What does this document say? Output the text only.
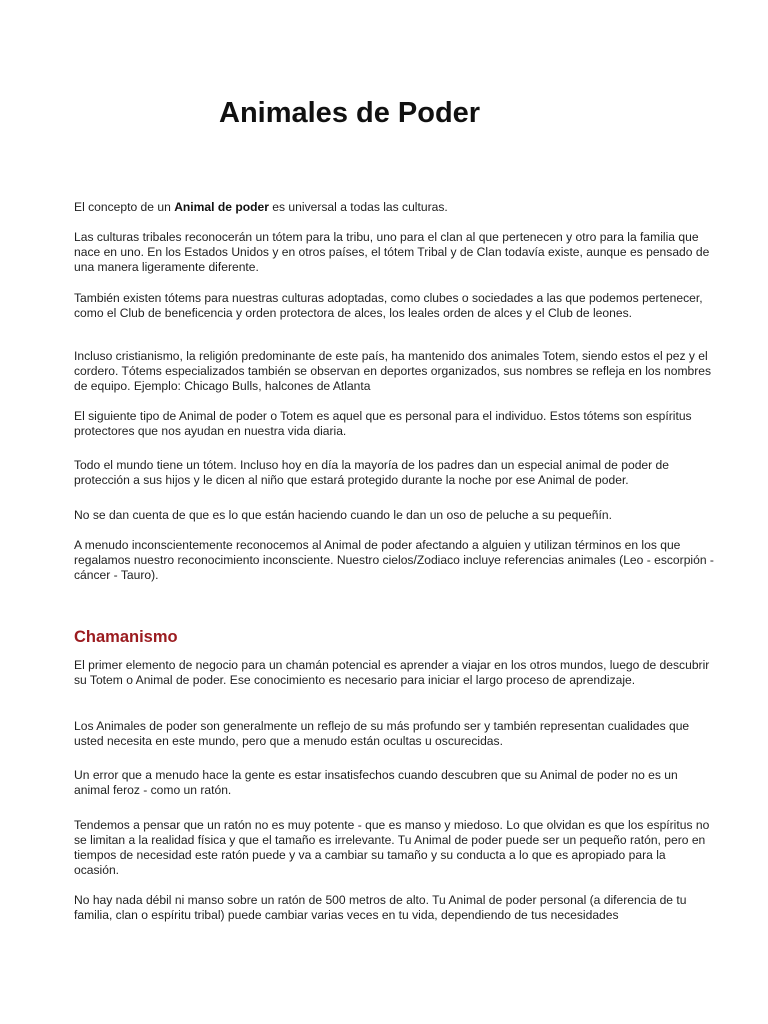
Animales de Poder

El concepto de un Animal de poder es universal a todas las culturas.

Las culturas tribales reconocerán un tótem para la tribu, uno para el clan al que pertenecen y otro para la familia que nace en uno. En los Estados Unidos y en otros países, el tótem Tribal y de Clan todavía existe, aunque es pensado de una manera ligeramente diferente.

También existen tótems para nuestras culturas adoptadas, como clubes o sociedades a las que podemos pertenecer, como el Club de beneficencia y orden protectora de alces, los leales orden de alces y el Club de leones.

Incluso cristianismo, la religión predominante de este país, ha mantenido dos animales Totem, siendo estos el pez y el cordero. Tótems especializados también se observan en deportes organizados, sus nombres se refleja en los nombres de equipo. Ejemplo: Chicago Bulls, halcones de Atlanta

El siguiente tipo de Animal de poder o Totem es aquel que es personal para el individuo. Estos tótems son espíritus protectores que nos ayudan en nuestra vida diaria.

Todo el mundo tiene un tótem. Incluso hoy en día la mayoría de los padres dan un especial animal de poder de protección a sus hijos y le dicen al niño que estará protegido durante la noche por ese Animal de poder.

No se dan cuenta de que es lo que están haciendo cuando le dan un oso de peluche a su pequeñín.

A menudo inconscientemente reconocemos al Animal de poder afectando a alguien y utilizan términos en los que regalamos nuestro reconocimiento inconsciente. Nuestro cielos/Zodiaco incluye referencias animales (Leo - escorpión - cáncer - Tauro).

Chamanismo

El primer elemento de negocio para un chamán potencial es aprender a viajar en los otros mundos, luego de descubrir su Totem o Animal de poder. Ese conocimiento es necesario para iniciar el largo proceso de aprendizaje.

Los Animales de poder son generalmente un reflejo de su más profundo ser y también representan cualidades que usted necesita en este mundo, pero que a menudo están ocultas u oscurecidas.

Un error que a menudo hace la gente es estar insatisfechos cuando descubren que su Animal de poder no es un animal feroz - como un ratón.

Tendemos a pensar que un ratón no es muy potente - que es manso y miedoso. Lo que olvidan es que los espíritus no se limitan a la realidad física y que el tamaño es irrelevante. Tu Animal de poder puede ser un pequeño ratón, pero en tiempos de necesidad este ratón puede y va a cambiar su tamaño y su conducta a lo que es apropiado para la ocasión.

No hay nada débil ni manso sobre un ratón de 500 metros de alto. Tu Animal de poder personal (a diferencia de tu familia, clan o espíritu tribal) puede cambiar varias veces en tu vida, dependiendo de tus necesidades
